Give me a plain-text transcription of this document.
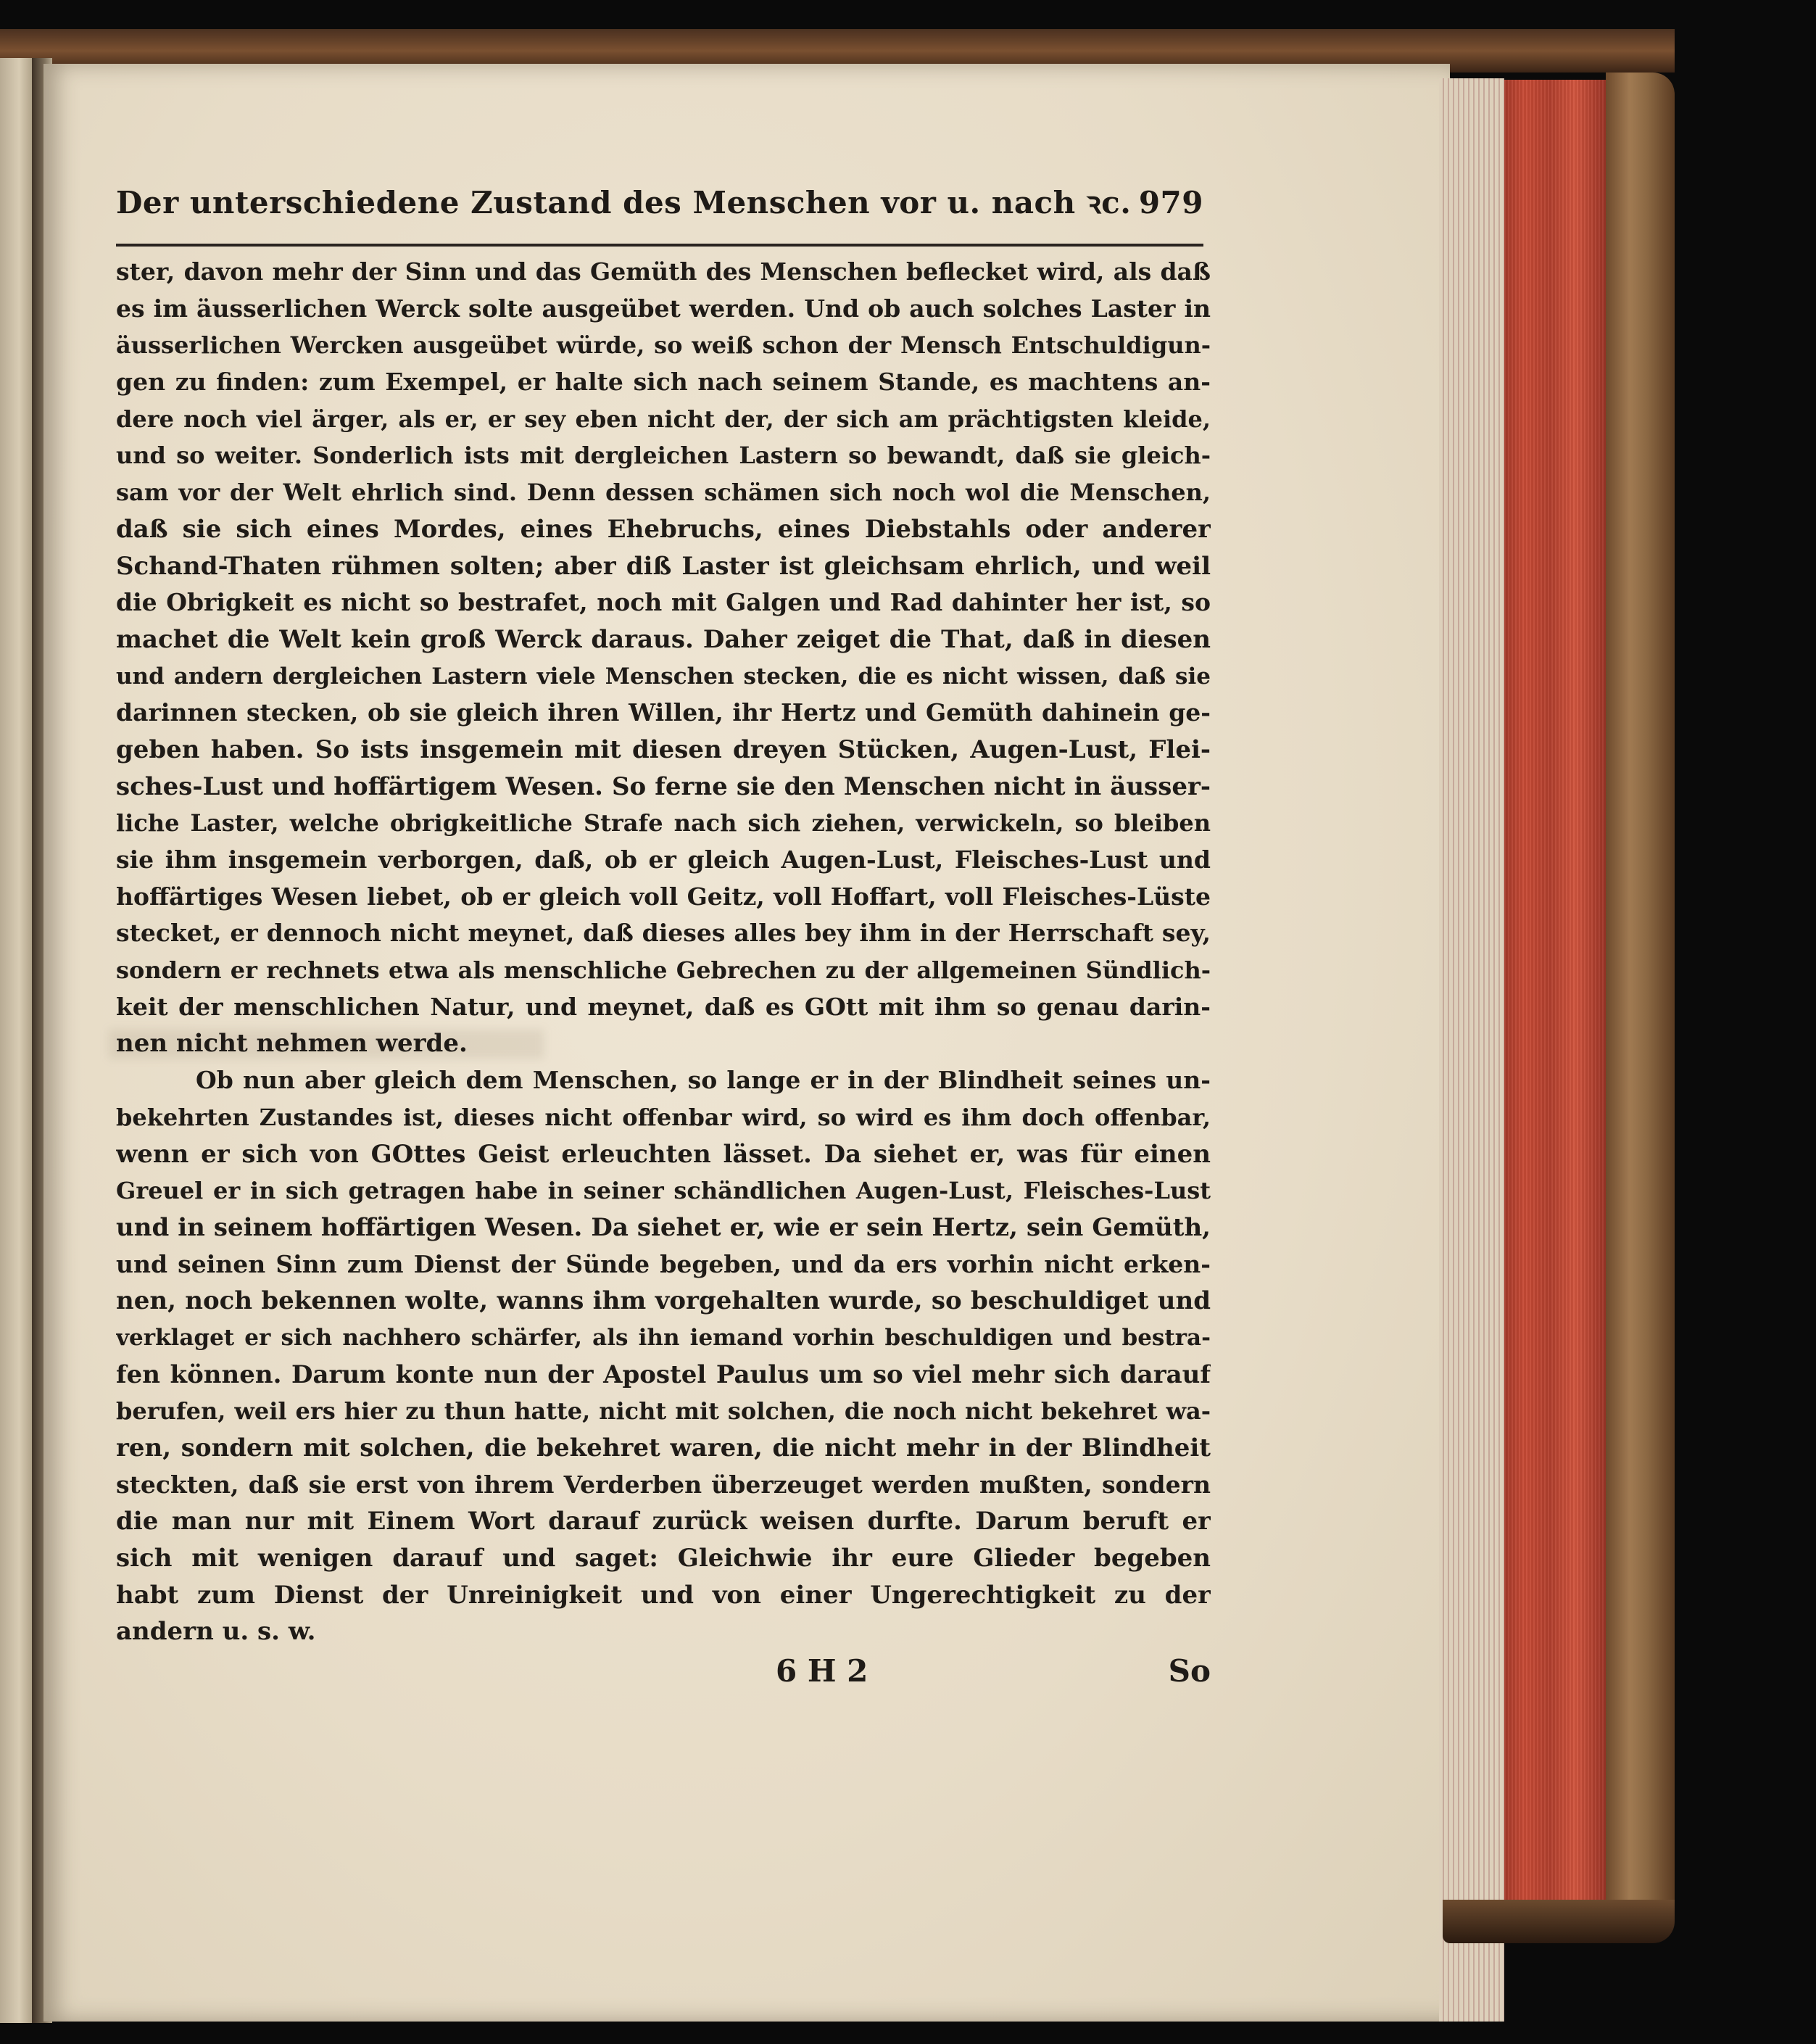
Der unterschiedene Zustand des Menschen vor u. nach ꝛc. 979
ster, davon mehr der Sinn und das Gemüth des Menschen beflecket wird, als daß
es im äusserlichen Werck solte ausgeübet werden. Und ob auch solches Laster in
äusserlichen Wercken ausgeübet würde, so weiß schon der Mensch Entschuldigun-
gen zu finden: zum Exempel, er halte sich nach seinem Stande, es machtens an-
dere noch viel ärger, als er, er sey eben nicht der, der sich am prächtigsten kleide,
und so weiter. Sonderlich ists mit dergleichen Lastern so bewandt, daß sie gleich-
sam vor der Welt ehrlich sind. Denn dessen schämen sich noch wol die Menschen,
daß sie sich eines Mordes, eines Ehebruchs, eines Diebstahls oder anderer
Schand-Thaten rühmen solten; aber diß Laster ist gleichsam ehrlich, und weil
die Obrigkeit es nicht so bestrafet, noch mit Galgen und Rad dahinter her ist, so
machet die Welt kein groß Werck daraus. Daher zeiget die That, daß in diesen
und andern dergleichen Lastern viele Menschen stecken, die es nicht wissen, daß sie
darinnen stecken, ob sie gleich ihren Willen, ihr Hertz und Gemüth dahinein ge-
geben haben. So ists insgemein mit diesen dreyen Stücken, Augen-Lust, Flei-
sches-Lust und hoffärtigem Wesen. So ferne sie den Menschen nicht in äusser-
liche Laster, welche obrigkeitliche Strafe nach sich ziehen, verwickeln, so bleiben
sie ihm insgemein verborgen, daß, ob er gleich Augen-Lust, Fleisches-Lust und
hoffärtiges Wesen liebet, ob er gleich voll Geitz, voll Hoffart, voll Fleisches-Lüste
stecket, er dennoch nicht meynet, daß dieses alles bey ihm in der Herrschaft sey,
sondern er rechnets etwa als menschliche Gebrechen zu der allgemeinen Sündlich-
keit der menschlichen Natur, und meynet, daß es GOtt mit ihm so genau darin-
nen nicht nehmen werde.
Ob nun aber gleich dem Menschen, so lange er in der Blindheit seines un-
bekehrten Zustandes ist, dieses nicht offenbar wird, so wird es ihm doch offenbar,
wenn er sich von GOttes Geist erleuchten lässet. Da siehet er, was für einen
Greuel er in sich getragen habe in seiner schändlichen Augen-Lust, Fleisches-Lust
und in seinem hoffärtigen Wesen. Da siehet er, wie er sein Hertz, sein Gemüth,
und seinen Sinn zum Dienst der Sünde begeben, und da ers vorhin nicht erken-
nen, noch bekennen wolte, wanns ihm vorgehalten wurde, so beschuldiget und
verklaget er sich nachhero schärfer, als ihn iemand vorhin beschuldigen und bestra-
fen können. Darum konte nun der Apostel Paulus um so viel mehr sich darauf
berufen, weil ers hier zu thun hatte, nicht mit solchen, die noch nicht bekehret wa-
ren, sondern mit solchen, die bekehret waren, die nicht mehr in der Blindheit
steckten, daß sie erst von ihrem Verderben überzeuget werden mußten, sondern
die man nur mit Einem Wort darauf zurück weisen durfte. Darum beruft er
sich mit wenigen darauf und saget: Gleichwie ihr eure Glieder begeben
habt zum Dienst der Unreinigkeit und von einer Ungerechtigkeit zu der
andern u. s. w.
6 H 2	So
